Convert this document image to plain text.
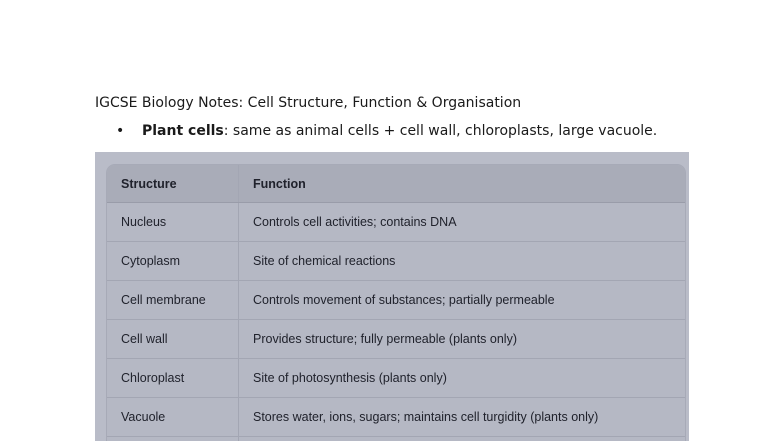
IGCSE Biology Notes: Cell Structure, Function & Organisation
• Plant cells: same as animal cells + cell wall, chloroplasts, large vacuole.
Structure	Function
Nucleus	Controls cell activities; contains DNA
Cytoplasm	Site of chemical reactions
Cell membrane	Controls movement of substances; partially permeable
Cell wall	Provides structure; fully permeable (plants only)
Chloroplast	Site of photosynthesis (plants only)
Vacuole	Stores water, ions, sugars; maintains cell turgidity (plants only)
